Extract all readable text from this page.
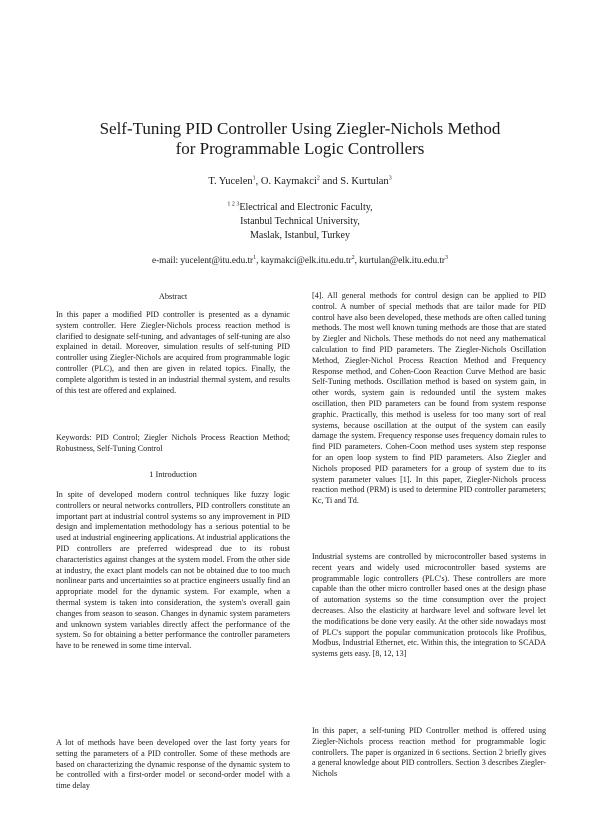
Self-Tuning PID Controller Using Ziegler-Nichols Method
for Programmable Logic Controllers
T. Yucelen$^1$, O. Kaymakci$^2$ and S. Kurtulan$^3$
$^{1 2 3}$Electrical and Electronic Faculty,
Istanbul Technical University,
Maslak, Istanbul, Turkey
e-mail: $yucelent@itu.edu.tr^1$, $kaymakci@elk.itu.edu.tr^2$, $kurtulan@elk.itu.edu.tr^3$
Abstract

In this paper a modified PID controller is presented as a dynamic system controller. Here Ziegler-Nichols process reaction method is clarified to designate self-tuning, and advantages of self-tuning are also explained in detail. Moreover, simulation results of self-tuning PID controller using Ziegler-Nichols are acquired from programmable logic controller (PLC), and then are given in related topics. Finally, the complete algorithm is tested in an industrial thermal system, and results of this test are offered and explained.

Keywords: PID Control; Ziegler Nichols Process Reaction Method; Robustness, Self-Tuning Control

1 Introduction

In spite of developed modern control techniques like fuzzy logic controllers or neural networks controllers, PID controllers constitute an important part at industrial control systems so any improvement in PID design and implementation methodology has a serious potential to be used at industrial engineering applications. At industrial applications the PID controllers are preferred widespread due to its robust characteristics against changes at the system model. From the other side at industry, the exact plant models can not be obtained due to too much nonlinear parts and uncertainties so at practice engineers usually find an appropriate model for the dynamic system. For example, when a thermal system is taken into consideration, the system's overall gain changes from season to season. Changes in dynamic system parameters and unknown system variables directly affect the performance of the system. So for obtaining a better performance the controller parameters have to be renewed in some time interval.

A lot of methods have been developed over the last forty years for setting the parameters of a PID controller. Some of these methods are based on characterizing the dynamic response of the dynamic system to be controlled with a first-order model or second-order model with a time delay

[4]. All general methods for control design can be applied to PID control. A number of special methods that are tailor made for PID control have also been developed, these methods are often called tuning methods. The most well known tuning methods are those that are stated by Ziegler and Nichols. These methods do not need any mathematical calculation to find PID parameters. The Ziegler-Nichols Oscillation Method, Ziegler-Nichol Process Reaction Method and Frequency Response method, and Cohen-Coon Reaction Curve Method are basic Self-Tuning methods. Oscillation method is based on system gain, in other words, system gain is redounded until the system makes oscillation, then PID parameters can be found from system response graphic. Practically, this method is useless for too many sort of real systems, because oscillation at the output of the system can easily damage the system. Frequency response uses frequency domain rules to find PID parameters. Cohen-Coon method uses system step response for an open loop system to find PID parameters. Also Ziegler and Nichols proposed PID parameters for a group of system due to its system parameter values [1]. In this paper, Ziegler-Nichols process reaction method (PRM) is used to determine PID controller parameters; Kc, Ti and Td.

Industrial systems are controlled by microcontroller based systems in recent years and widely used microcontroller based systems are programmable logic controllers (PLC's). These controllers are more capable than the other micro controller based ones at the design phase of automation systems so the time consumption over the project decreases. Also the elasticity at hardware level and software level let the modifications be done very easily. At the other side nowadays most of PLC's support the popular communication protocols like Profibus, Modbus, Industrial Ethernet, etc. Within this, the integration to SCADA systems gets easy. [8, 12, 13]

In this paper, a self-tuning PID Controller method is offered using Ziegler-Nichols process reaction method for programmable logic controllers. The paper is organized in 6 sections. Section 2 briefly gives a general knowledge about PID controllers. Section 3 describes Ziegler-Nichols
